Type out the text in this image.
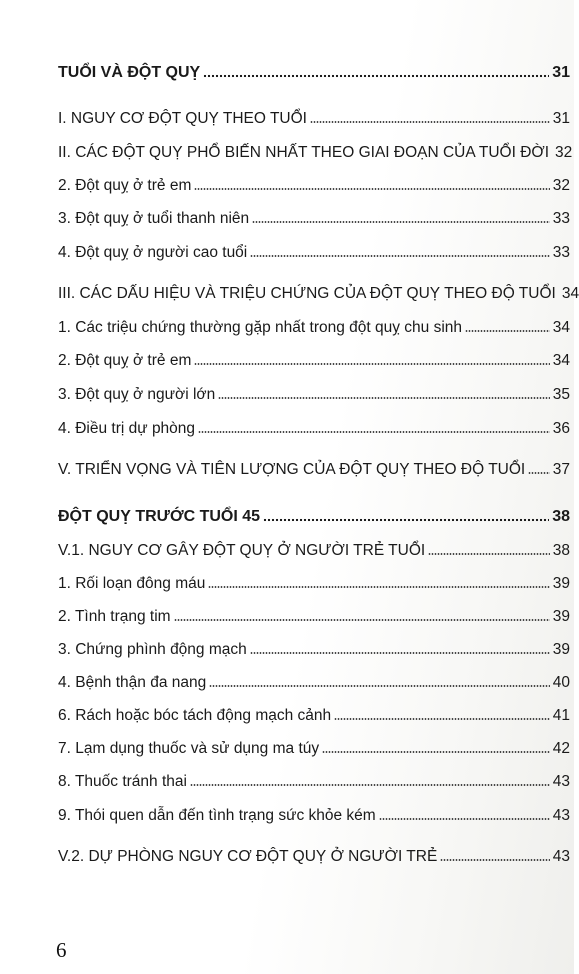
TUỔI VÀ ĐỘT QUỴ	31
I. NGUY CƠ ĐỘT QUỴ THEO TUỔI	31
II. CÁC ĐỘT QUỴ PHỔ BIẾN NHẤT THEO GIAI ĐOẠN CỦA TUỔI ĐỜI 32
2. Đột quỵ ở trẻ em	32
3. Đột quỵ ở tuổi thanh niên	33
4. Đột quỵ ở người cao tuổi	33
III. CÁC DẤU HIỆU VÀ TRIỆU CHỨNG CỦA ĐỘT QUỴ THEO ĐỘ TUỔI 34
1. Các triệu chứng thường gặp nhất trong đột quỵ chu sinh	34
2. Đột quỵ ở trẻ em	34
3. Đột quỵ ở người lớn	35
4. Điều trị dự phòng	36
V. TRIỂN VỌNG VÀ TIÊN LƯỢNG CỦA ĐỘT QUỴ THEO ĐỘ TUỔI 37
ĐỘT QUỴ TRƯỚC TUỔI 45	38
V.1. NGUY CƠ GÂY ĐỘT QUỴ Ở NGƯỜI TRẺ TUỔI	38
1. Rối loạn đông máu	39
2. Tình trạng tim	39
3. Chứng phình động mạch	39
4. Bệnh thận đa nang	40
6. Rách hoặc bóc tách động mạch cảnh	41
7. Lạm dụng thuốc và sử dụng ma túy	42
8. Thuốc tránh thai	43
9. Thói quen dẫn đến tình trạng sức khỏe kém	43
V.2. DỰ PHÒNG NGUY CƠ ĐỘT QUỴ Ở NGƯỜI TRẺ	43
6
